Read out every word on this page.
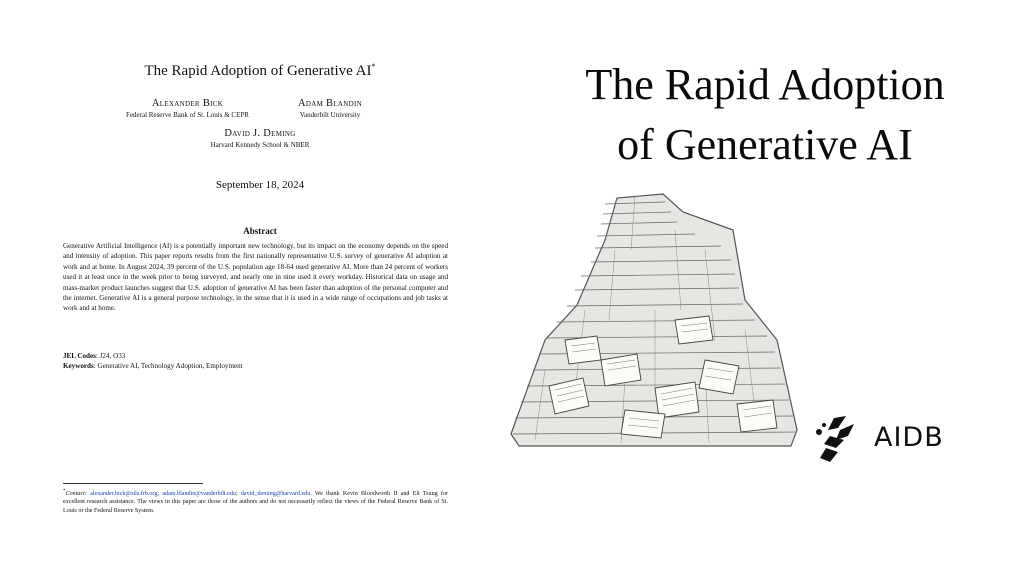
The Rapid Adoption of Generative AI*
Alexander Bick
Federal Reserve Bank of St. Louis & CEPR
Adam Blandin
Vanderbilt University
David J. Deming
Harvard Kennedy School & NBER
September 18, 2024
Abstract
Generative Artificial Intelligence (AI) is a potentially important new technology, but its impact on the economy depends on the speed and intensity of adoption. This paper reports results from the first nationally representative U.S. survey of generative AI adoption at work and at home. In August 2024, 39 percent of the U.S. population age 18-64 used generative AI. More than 24 percent of workers used it at least once in the week prior to being surveyed, and nearly one in nine used it every workday. Historical data on usage and mass-market product launches suggest that U.S. adoption of generative AI has been faster than adoption of the personal computer and the internet. Generative AI is a general purpose technology, in the sense that it is used in a wide range of occupations and job tasks at work and at home.
JEL Codes: J24, O33
Keywords: Generative AI, Technology Adoption, Employment
*Contact: alexander.bick@stls.frb.org; adam.blandin@vanderbilt.edu; david_deming@harvard.edu. We thank Kevin Bloodworth II and Eli Tsung for excellent research assistance. The views in this paper are those of the authors and do not necessarily reflect the views of the Federal Reserve Bank of St. Louis or the Federal Reserve System.
The Rapid Adoption
of Generative AI
AIDB
